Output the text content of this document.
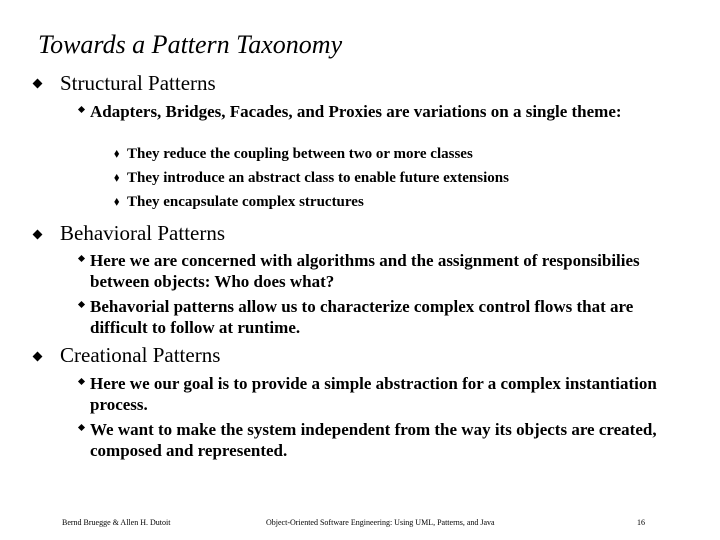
Towards a Pattern Taxonomy
Structural Patterns
Adapters, Bridges, Facades, and Proxies are variations on a single theme:
⬧ They reduce the coupling between two or more classes
⬧ They introduce an abstract class to enable future extensions
⬧ They encapsulate complex structures
Behavioral Patterns
Here we are concerned with algorithms and the assignment of responsibilies between objects: Who does what?
Behavorial patterns allow us to characterize complex control flows that are difficult to follow at runtime.
Creational Patterns
Here we our goal is to provide a simple abstraction for a complex instantiation process.
We want to make the system independent from the way its objects are created, composed and represented.
Bernd Bruegge & Allen H. Dutoit	Object-Oriented Software Engineering: Using UML, Patterns, and Java	16
